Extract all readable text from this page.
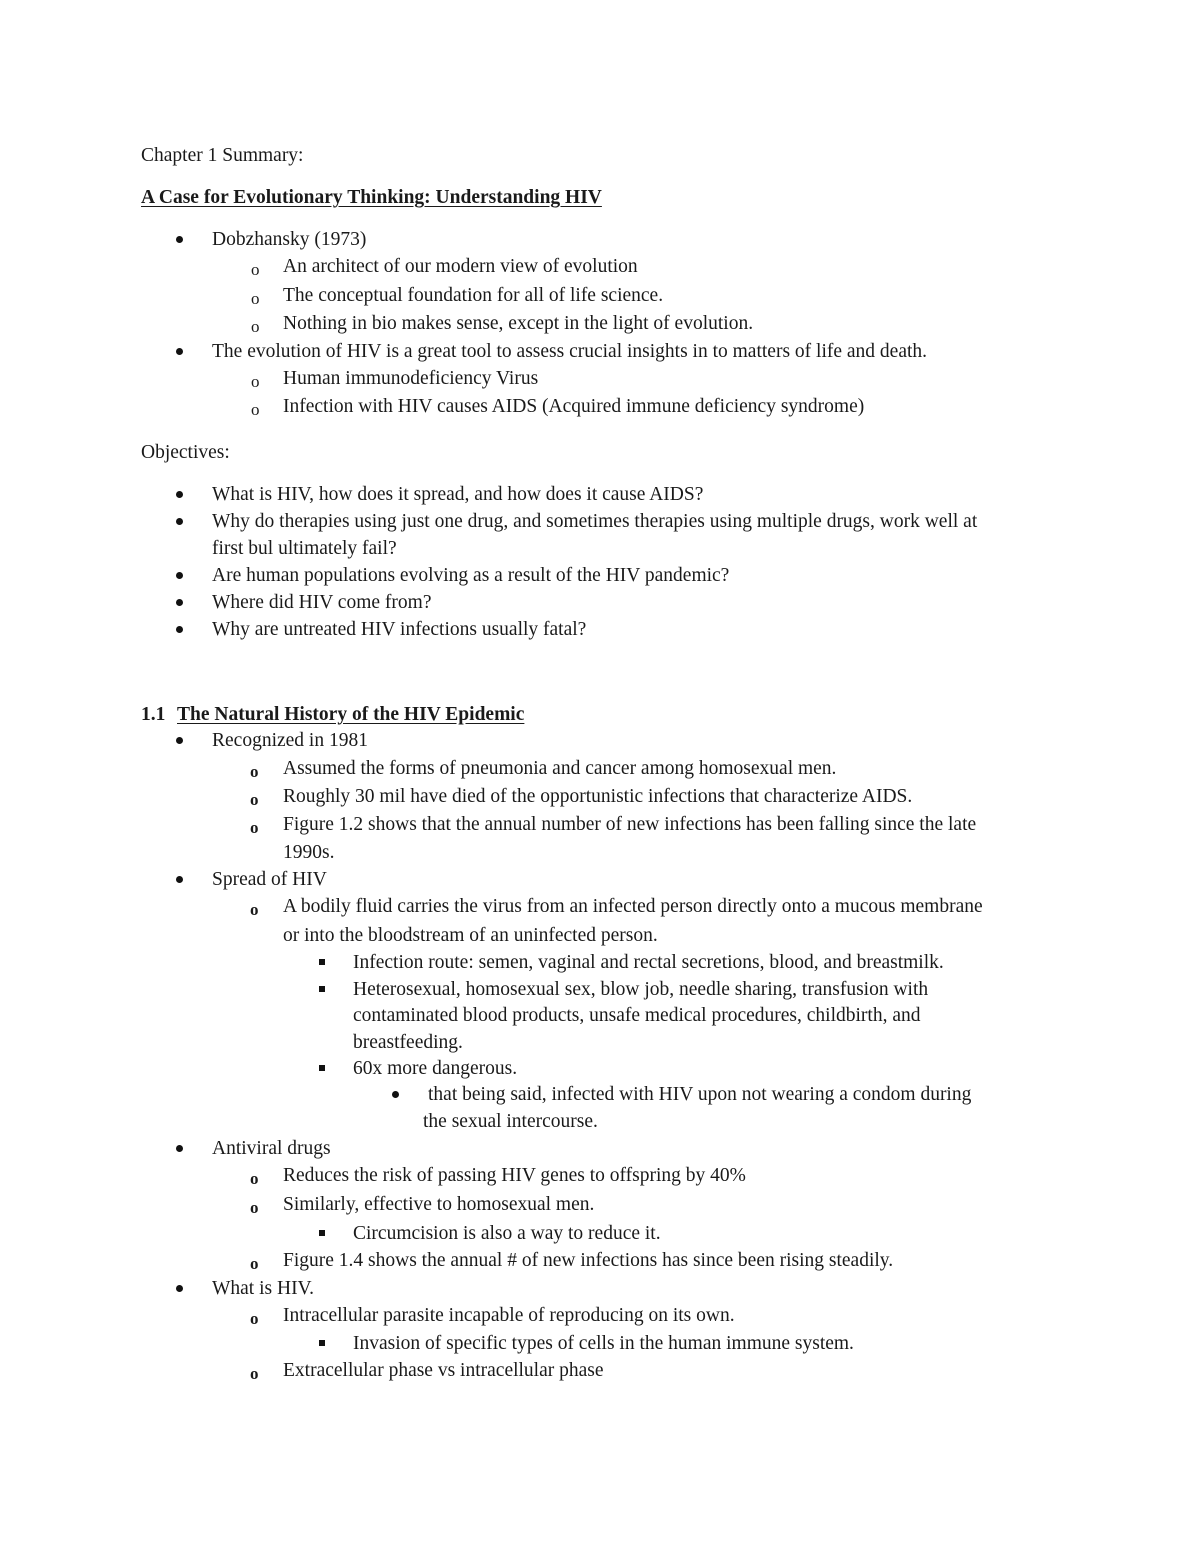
Chapter 1 Summary:
A Case for Evolutionary Thinking: Understanding HIV
Dobzhansky (1973)
o An architect of our modern view of evolution
o The conceptual foundation for all of life science.
o Nothing in bio makes sense, except in the light of evolution.
The evolution of HIV is a great tool to assess crucial insights in to matters of life and death.
o Human immunodeficiency Virus
o Infection with HIV causes AIDS (Acquired immune deficiency syndrome)
Objectives:
What is HIV, how does it spread, and how does it cause AIDS?
Why do therapies using just one drug, and sometimes therapies using multiple drugs, work well at
first bul ultimately fail?
Are human populations evolving as a result of the HIV pandemic?
Where did HIV come from?
Why are untreated HIV infections usually fatal?
1.1 The Natural History of the HIV Epidemic
Recognized in 1981
o Assumed the forms of pneumonia and cancer among homosexual men.
o Roughly 30 mil have died of the opportunistic infections that characterize AIDS.
o Figure 1.2 shows that the annual number of new infections has been falling since the late
1990s.
Spread of HIV
o A bodily fluid carries the virus from an infected person directly onto a mucous membrane
or into the bloodstream of an uninfected person.
Infection route: semen, vaginal and rectal secretions, blood, and breastmilk.
Heterosexual, homosexual sex, blow job, needle sharing, transfusion with
contaminated blood products, unsafe medical procedures, childbirth, and
breastfeeding.
60x more dangerous.
that being said, infected with HIV upon not wearing a condom during
the sexual intercourse.
Antiviral drugs
o Reduces the risk of passing HIV genes to offspring by 40%
o Similarly, effective to homosexual men.
Circumcision is also a way to reduce it.
o Figure 1.4 shows the annual # of new infections has since been rising steadily.
What is HIV.
o Intracellular parasite incapable of reproducing on its own.
Invasion of specific types of cells in the human immune system.
o Extracellular phase vs intracellular phase
